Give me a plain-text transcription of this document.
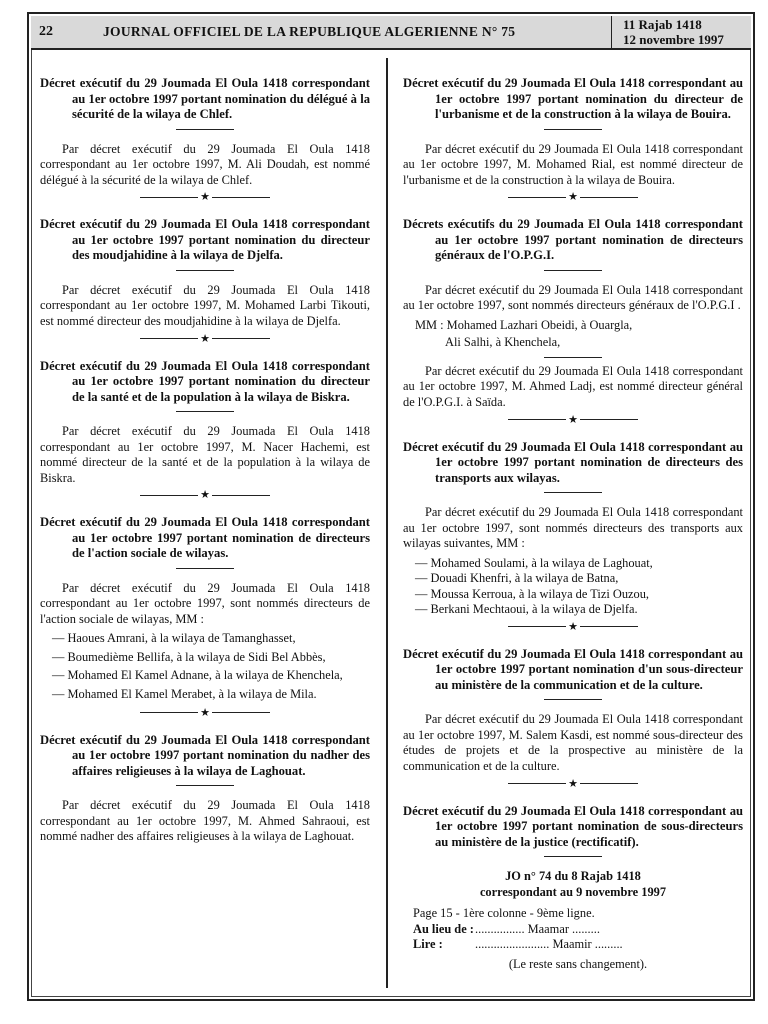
22	JOURNAL OFFICIEL DE LA REPUBLIQUE ALGERIENNE N° 75	11 Rajab 1418
12 novembre 1997

Décret exécutif du 29 Joumada El Oula 1418 correspondant au 1er octobre 1997 portant nomination du délégué à la sécurité de la wilaya de Chlef.

Par décret exécutif du 29 Joumada El Oula 1418 correspondant au 1er octobre 1997, M. Ali Doudah, est nommé délégué à la sécurité de la wilaya de Chlef.

★

Décret exécutif du 29 Joumada El Oula 1418 correspondant au 1er octobre 1997 portant nomination du directeur des moudjahidine à la wilaya de Djelfa.

Par décret exécutif du 29 Joumada El Oula 1418 correspondant au 1er octobre 1997, M. Mohamed Larbi Tikouti, est nommé directeur des moudjahidine à la wilaya de Djelfa.

★

Décret exécutif du 29 Joumada El Oula 1418 correspondant au 1er octobre 1997 portant nomination du directeur de la santé et de la population à la wilaya de Biskra.

Par décret exécutif du 29 Joumada El Oula 1418 correspondant au 1er octobre 1997, M. Nacer Hachemi, est nommé directeur de la santé et de la population à la wilaya de Biskra.

★

Décret exécutif du 29 Joumada El Oula 1418 correspondant au 1er octobre 1997 portant nomination de directeurs de l'action sociale de wilayas.

Par décret exécutif du 29 Joumada El Oula 1418 correspondant au 1er octobre 1997, sont nommés directeurs de l'action sociale de wilayas, MM :

— Haoues Amrani, à la wilaya de Tamanghasset,
— Boumedième Bellifa, à la wilaya de Sidi Bel Abbès,
— Mohamed El Kamel Adnane, à la wilaya de Khenchela,
— Mohamed El Kamel Merabet, à la wilaya de Mila.
★

Décret exécutif du 29 Joumada El Oula 1418 correspondant au 1er octobre 1997 portant nomination du nadher des affaires religieuses à la wilaya de Laghouat.

Par décret exécutif du 29 Joumada El Oula 1418 correspondant au 1er octobre 1997, M. Ahmed Sahraoui, est nommé nadher des affaires religieuses à la wilaya de Laghouat.

Décret exécutif du 29 Joumada El Oula 1418 correspondant au 1er octobre 1997 portant nomination du directeur de l'urbanisme et de la construction à la wilaya de Bouira.

Par décret exécutif du 29 Joumada El Oula 1418 correspondant au 1er octobre 1997, M. Mohamed Rial, est nommé directeur de l'urbanisme et de la construction à la wilaya de Bouira.

★

Décrets exécutifs du 29 Joumada El Oula 1418 correspondant au 1er octobre 1997 portant nomination de directeurs généraux de l'O.P.G.I.

Par décret exécutif du 29 Joumada El Oula 1418 correspondant au 1er octobre 1997, sont nommés directeurs généraux de l'O.P.G.I .

MM : Mohamed Lazhari Obeidi, à Ouargla,
Ali Salhi, à Khenchela,

Par décret exécutif du 29 Joumada El Oula 1418 correspondant au 1er octobre 1997, M. Ahmed Ladj, est nommé directeur général de l'O.P.G.I. à Saïda.

★

Décret exécutif du 29 Joumada El Oula 1418 correspondant au 1er octobre 1997 portant nomination de directeurs des transports aux wilayas.

Par décret exécutif du 29 Joumada El Oula 1418 correspondant au 1er octobre 1997, sont nommés directeurs des transports aux wilayas suivantes, MM :

— Mohamed Soulami, à la wilaya de Laghouat,
— Douadi Khenfri, à la wilaya de Batna,
— Moussa Kerroua, à la wilaya de Tizi Ouzou,
— Berkani Mechtaoui, à la wilaya de Djelfa.
★

Décret exécutif du 29 Joumada El Oula 1418 correspondant au 1er octobre 1997 portant nomination d'un sous-directeur au ministère de la communication et de la culture.

Par décret exécutif du 29 Joumada El Oula 1418 correspondant au 1er octobre 1997, M. Salem Kasdi, est nommé sous-directeur des études de projets et de la prospective au ministère de la communication et de la culture.

★

Décret exécutif du 29 Joumada El Oula 1418 correspondant au 1er octobre 1997 portant nomination de sous-directeurs au ministère de la justice (rectificatif).

JO n° 74 du 8 Rajab 1418
correspondant au 9 novembre 1997
Page 15 - 1ère colonne - 9ème ligne.
Au lieu de : ................ Maamar .........
Lire :	........................ Maamir .........
(Le reste sans changement).
